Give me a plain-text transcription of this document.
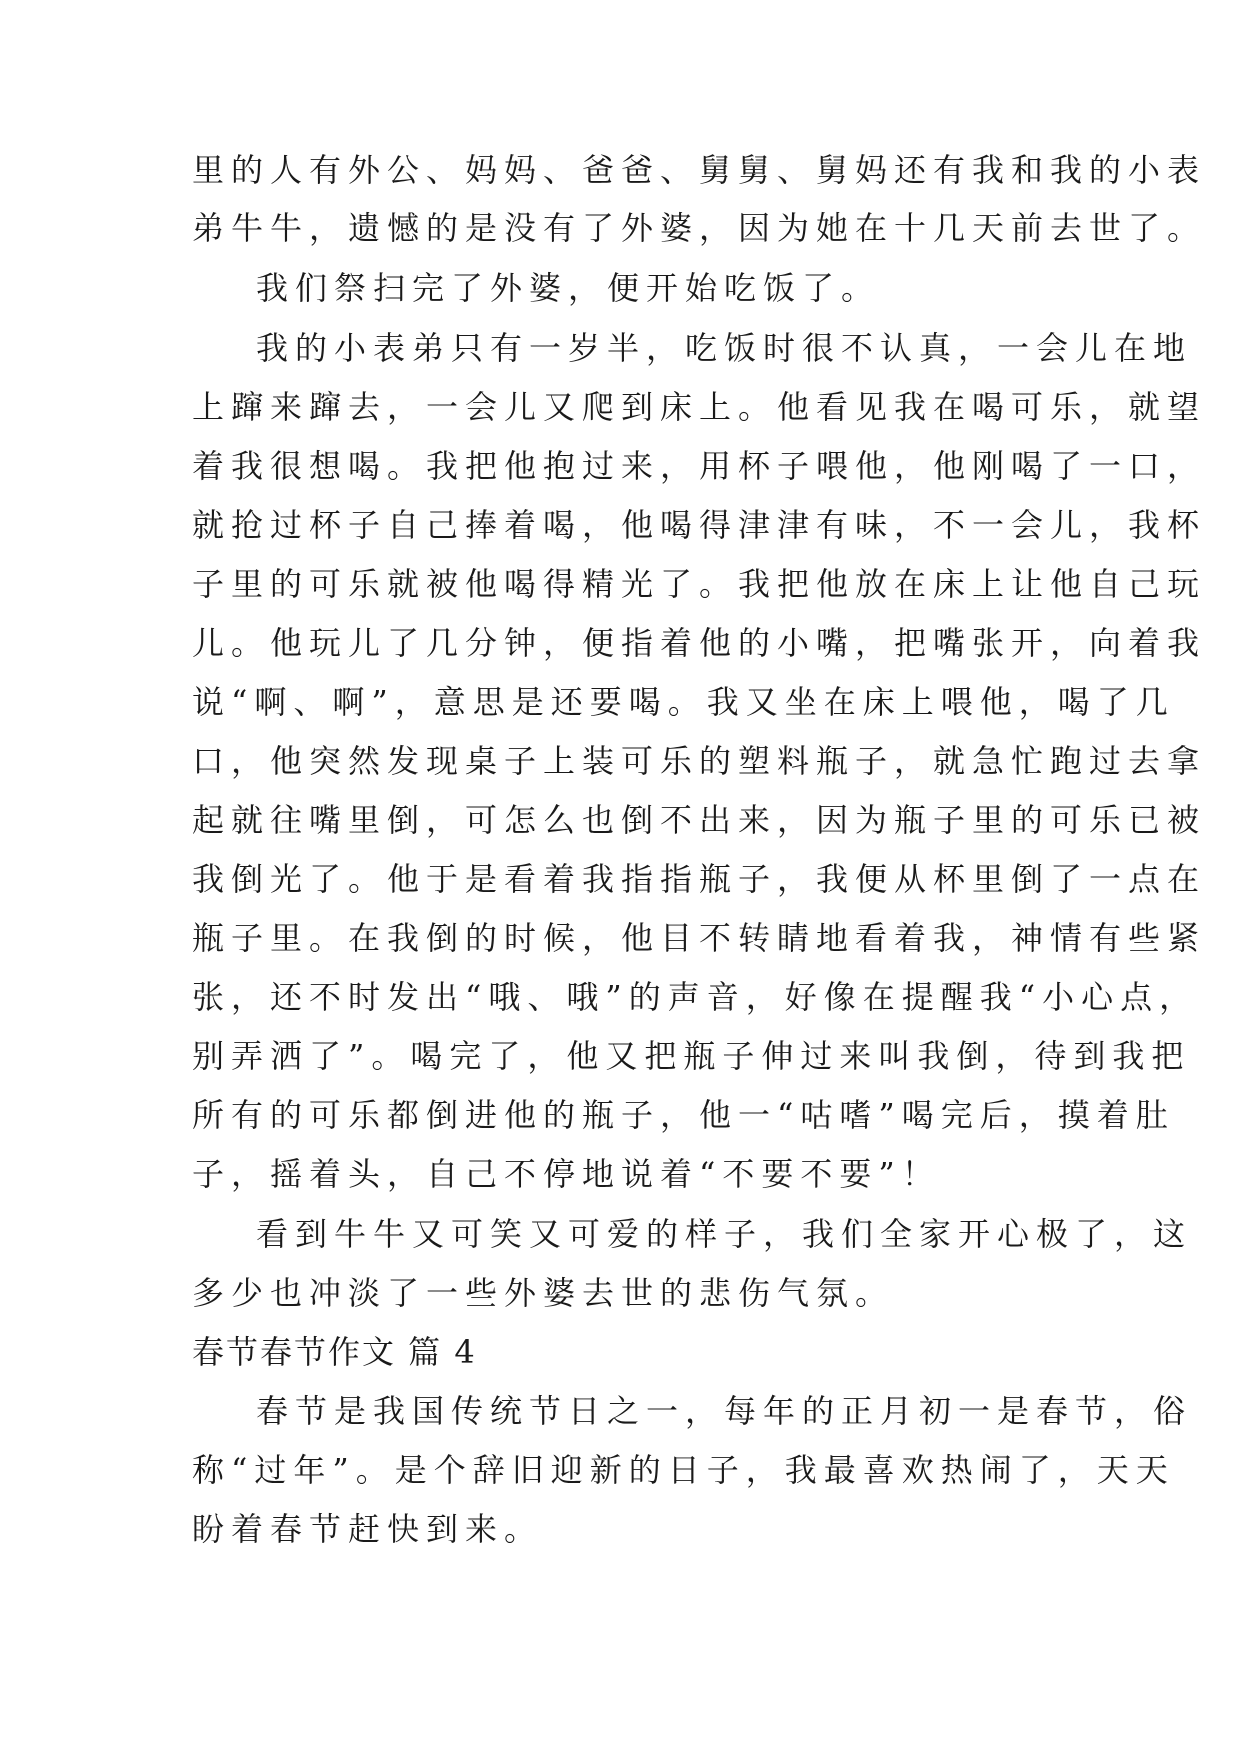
里的人有外公、妈妈、爸爸、舅舅、舅妈还有我和我的小表
弟牛牛，遗憾的是没有了外婆，因为她在十几天前去世了。
我们祭扫完了外婆，便开始吃饭了。
我的小表弟只有一岁半，吃饭时很不认真，一会儿在地
上蹿来蹿去，一会儿又爬到床上。他看见我在喝可乐，就望
着我很想喝。我把他抱过来，用杯子喂他，他刚喝了一口，
就抢过杯子自己捧着喝，他喝得津津有味，不一会儿，我杯
子里的可乐就被他喝得精光了。我把他放在床上让他自己玩
儿。他玩儿了几分钟，便指着他的小嘴，把嘴张开，向着我
说“啊、啊”，意思是还要喝。我又坐在床上喂他，喝了几
口，他突然发现桌子上装可乐的塑料瓶子，就急忙跑过去拿
起就往嘴里倒，可怎么也倒不出来，因为瓶子里的可乐已被
我倒光了。他于是看着我指指瓶子，我便从杯里倒了一点在
瓶子里。在我倒的时候，他目不转睛地看着我，神情有些紧
张，还不时发出“哦、哦”的声音，好像在提醒我“小心点，
别弄洒了”。喝完了，他又把瓶子伸过来叫我倒，待到我把
所有的可乐都倒进他的瓶子，他一“咕嗜”喝完后，摸着肚
子，摇着头，自己不停地说着“不要不要”！
看到牛牛又可笑又可爱的样子，我们全家开心极了，这
多少也冲淡了一些外婆去世的悲伤气氛。
春节春节作文 篇 4
春节是我国传统节日之一，每年的正月初一是春节，俗
称“过年”。是个辞旧迎新的日子，我最喜欢热闹了，天天
盼着春节赶快到来。
